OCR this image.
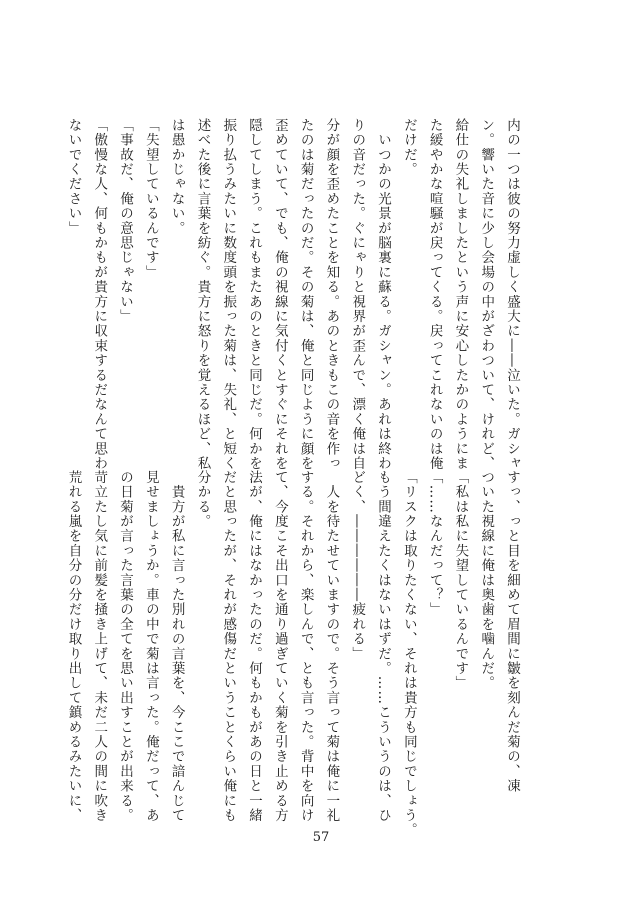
内の一つは彼の努力虚しく盛大に――泣いた。ガシャ
ン。響いた音に少し会場の中がざわついて、けれど、
給仕の失礼しましたという声に安心したかのようにま
た緩やかな喧騒が戻ってくる。戻ってこれないのは俺
だけだ。
　いつかの光景が脳裏に蘇る。ガシャン。あれは終わ
りの音だった。ぐにゃりと視界が歪んで、漂く俺は自
分が顔を歪めたことを知る。あのときもこの音を作っ
たのは菊だったのだ。その菊は、俺と同じように顔を
歪めていて、でも、俺の視線に気付くとすぐにそれを
隠してしまう。これもまたあのときと同じだ。何かを
振り払うみたいに数度頭を振った菊は、失礼、と短く
述べた後に言葉を紡ぐ。貴方に怒りを覚えるほど、私
は愚かじゃない。
「失望しているんです」
「事故だ、俺の意思じゃない」
「傲慢な人、何もかもが貴方に収束するだなんて思わ
ないでください」
すっ、っと目を細めて眉間に皺を刻んだ菊の、凍
ついた視線に俺は奥歯を噛んだ。
「私は私に失望しているんです」
「……なんだって？」
「リスクは取りたくない、それは貴方も同じでしょう。
もう間違えたくはないはずだ。……こういうのは、ひ
どく、――――――疲れる」
　人を待たせていますので。そう言って菊は俺に一礼
する。それから、楽しんで、とも言った。背中を向け
て、今度こそ出口を通り過ぎていく菊を引き止める方
法が、俺にはなかったのだ。何もかもがあの日と一緒
だと思ったが、それが感傷だということくらい俺にも
分かる。
　貴方が私に言った別れの言葉を、今ここで諳んじて
見せましょうか。車の中で菊は言った。俺だって、あ
の日菊が言った言葉の全てを思い出すことが出来る。
苛立たし気に前髪を掻き上げて、未だ二人の間に吹き
荒れる嵐を自分の分だけ取り出して鎮めるみたいに、
57
